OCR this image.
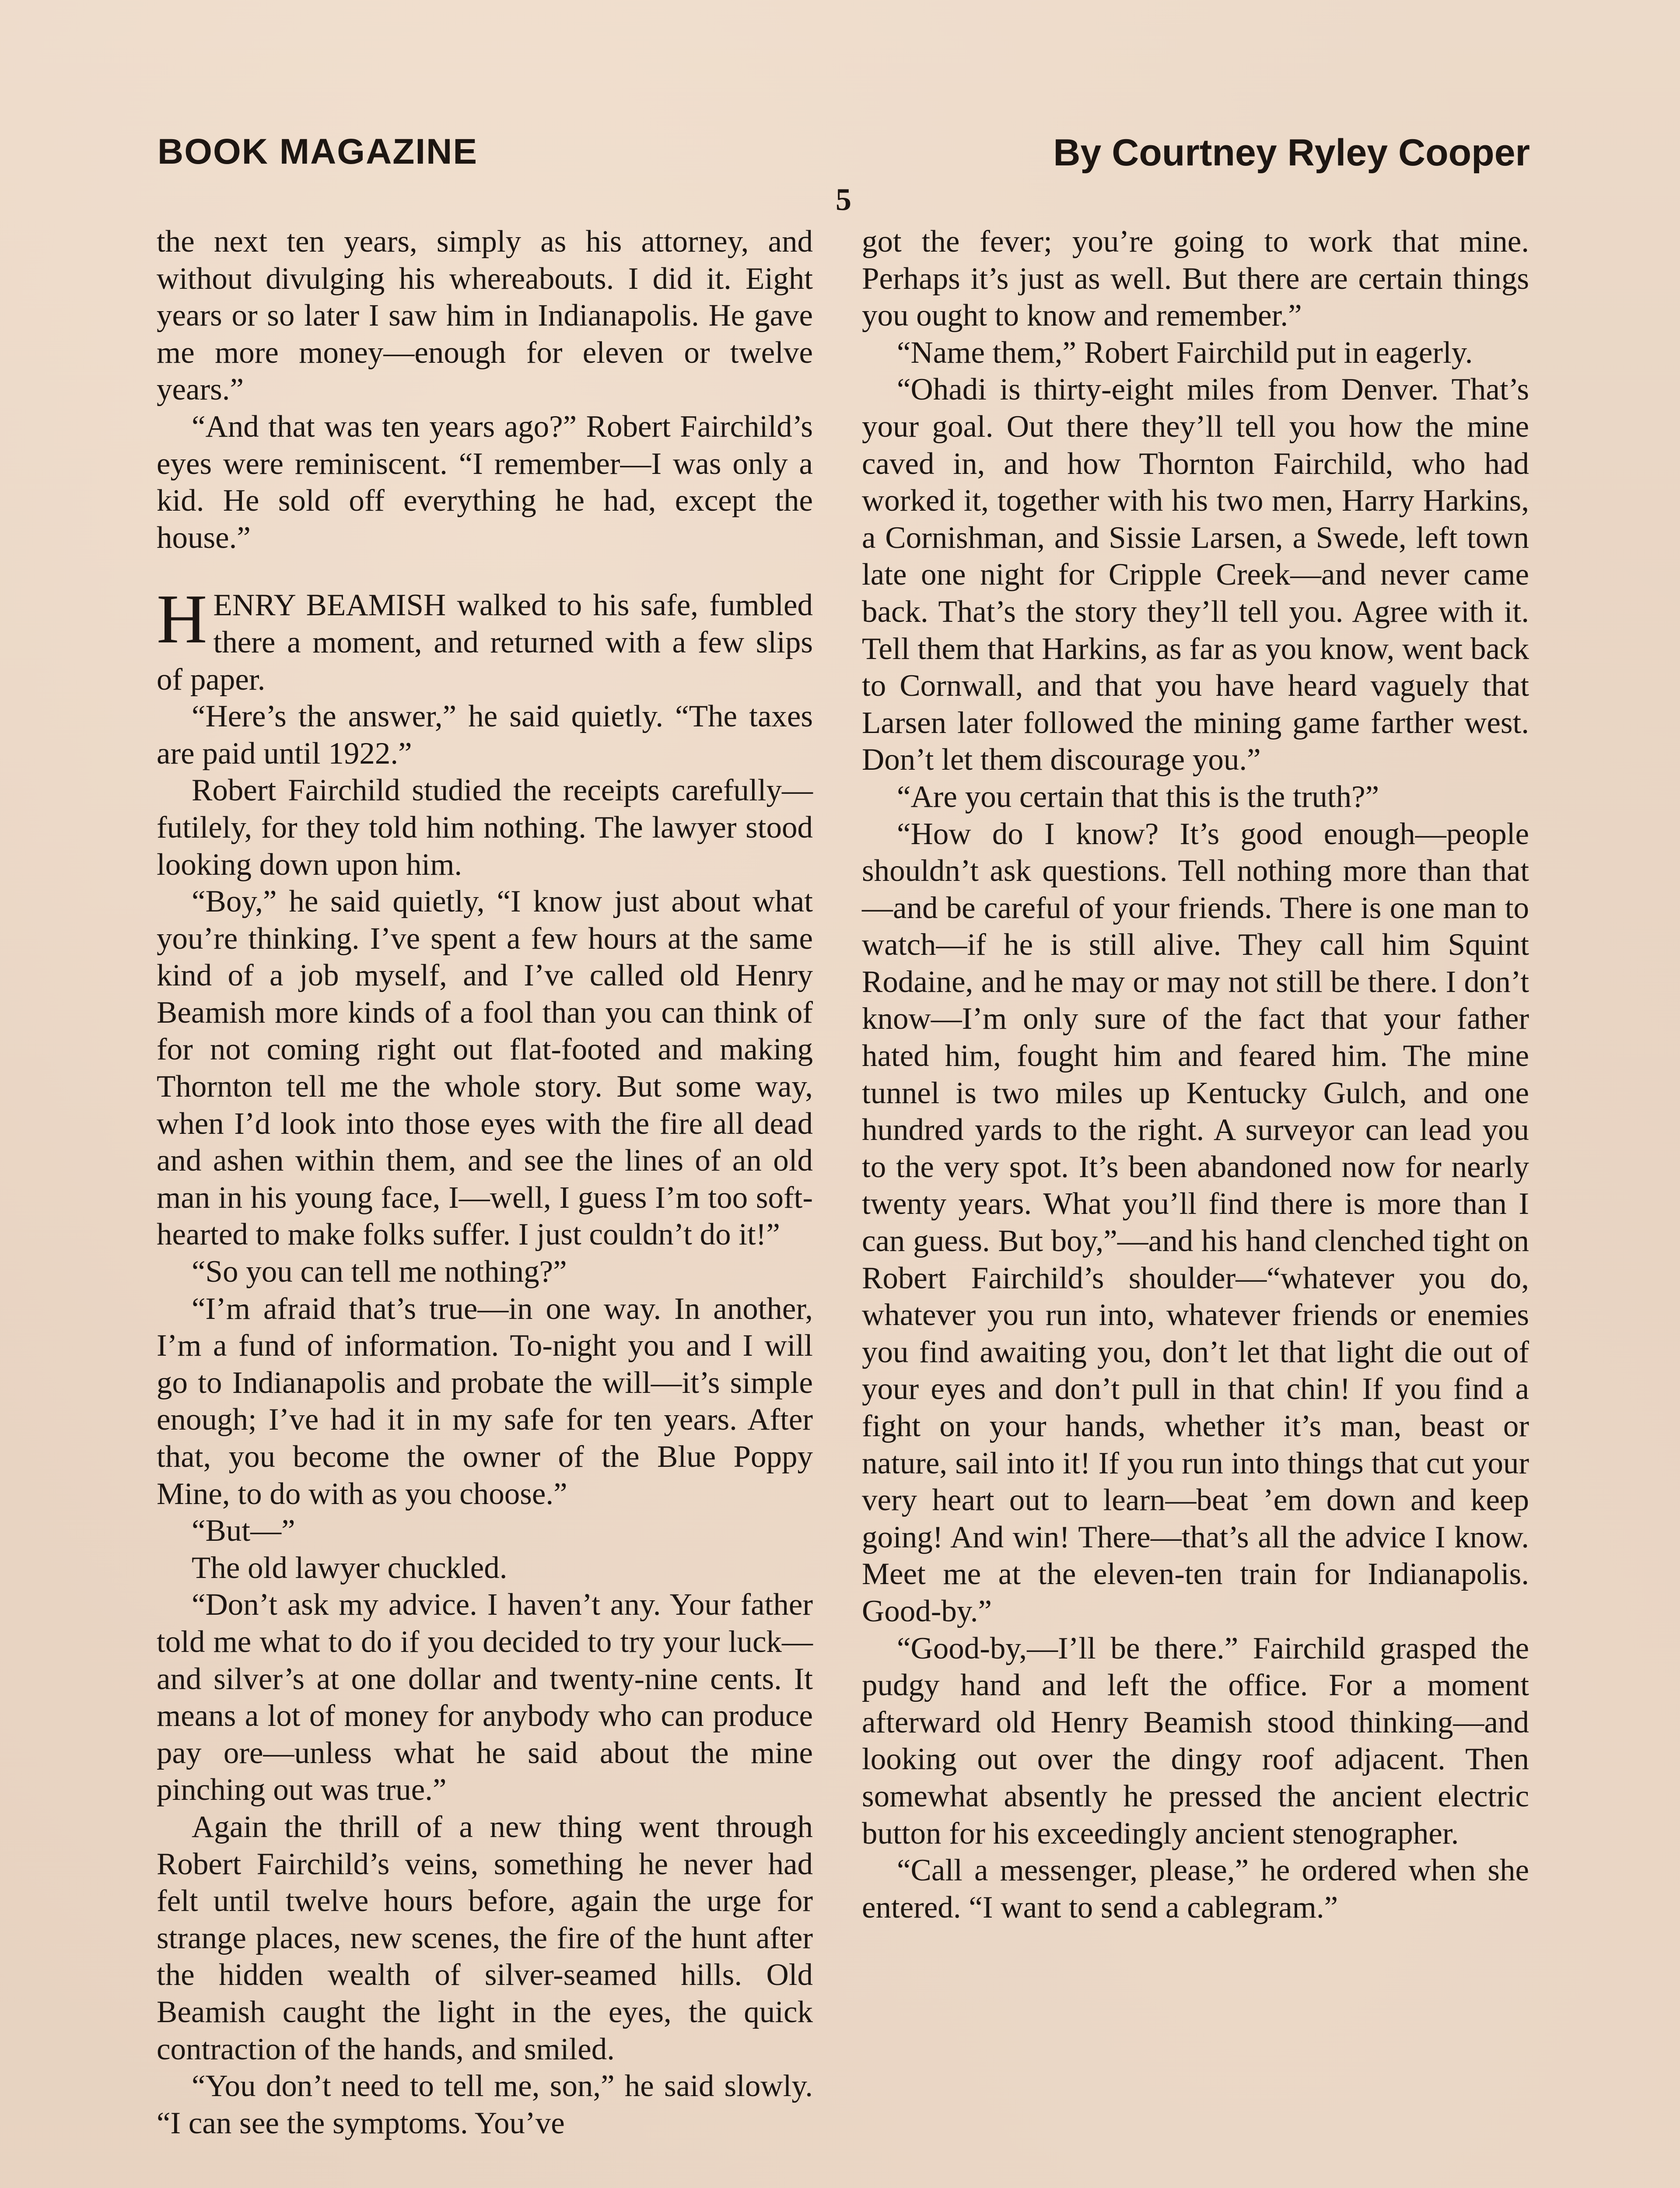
BOOK MAGAZINE	By Courtney Ryley Cooper
5

the next ten years, simply as his attorney, and without divulging his whereabouts. I did it. Eight years or so later I saw him in Indianapolis. He gave me more money—enough for eleven or twelve years.”

“And that was ten years ago?” Robert Fairchild’s eyes were reminiscent. “I remember—I was only a kid. He sold off everything he had, except the house.”

HENRY BEAMISH walked to his safe, fumbled there a moment, and returned with a few slips of paper.

“Here’s the answer,” he said quietly. “The taxes are paid until 1922.”

Robert Fairchild studied the receipts carefully—futilely, for they told him nothing. The lawyer stood looking down upon him.

“Boy,” he said quietly, “I know just about what you’re thinking. I’ve spent a few hours at the same kind of a job myself, and I’ve called old Henry Beamish more kinds of a fool than you can think of for not coming right out flat-footed and making Thornton tell me the whole story. But some way, when I’d look into those eyes with the fire all dead and ashen within them, and see the lines of an old man in his young face, I—well, I guess I’m too soft-hearted to make folks suffer. I just couldn’t do it!”

“So you can tell me nothing?”

“I’m afraid that’s true—in one way. In another, I’m a fund of information. To-night you and I will go to Indianapolis and probate the will—it’s simple enough; I’ve had it in my safe for ten years. After that, you become the owner of the Blue Poppy Mine, to do with as you choose.”

“But—”

The old lawyer chuckled.

“Don’t ask my advice. I haven’t any. Your father told me what to do if you decided to try your luck—and silver’s at one dollar and twenty-nine cents. It means a lot of money for anybody who can produce pay ore—unless what he said about the mine pinching out was true.”

Again the thrill of a new thing went through Robert Fairchild’s veins, something he never had felt until twelve hours before, again the urge for strange places, new scenes, the fire of the hunt after the hidden wealth of silver-seamed hills. Old Beamish caught the light in the eyes, the quick contraction of the hands, and smiled.

“You don’t need to tell me, son,” he said slowly. “I can see the symptoms. You’ve

got the fever; you’re going to work that mine. Perhaps it’s just as well. But there are certain things you ought to know and remember.”

“Name them,” Robert Fairchild put in eagerly.

“Ohadi is thirty-eight miles from Denver. That’s your goal. Out there they’ll tell you how the mine caved in, and how Thornton Fairchild, who had worked it, together with his two men, Harry Harkins, a Cornishman, and Sissie Larsen, a Swede, left town late one night for Cripple Creek—and never came back. That’s the story they’ll tell you. Agree with it. Tell them that Harkins, as far as you know, went back to Cornwall, and that you have heard vaguely that Larsen later followed the mining game farther west. Don’t let them discourage you.”

“Are you certain that this is the truth?”

“How do I know? It’s good enough—people shouldn’t ask questions. Tell nothing more than that—and be careful of your friends. There is one man to watch—if he is still alive. They call him Squint Rodaine, and he may or may not still be there. I don’t know—I’m only sure of the fact that your father hated him, fought him and feared him. The mine tunnel is two miles up Kentucky Gulch, and one hundred yards to the right. A surveyor can lead you to the very spot. It’s been abandoned now for nearly twenty years. What you’ll find there is more than I can guess. But boy,”—and his hand clenched tight on Robert Fairchild’s shoulder—“whatever you do, whatever you run into, whatever friends or enemies you find awaiting you, don’t let that light die out of your eyes and don’t pull in that chin! If you find a fight on your hands, whether it’s man, beast or nature, sail into it! If you run into things that cut your very heart out to learn—beat ’em down and keep going! And win! There—that’s all the advice I know. Meet me at the eleven-ten train for Indianapolis. Good-by.”

“Good-by,—I’ll be there.” Fairchild grasped the pudgy hand and left the office. For a moment afterward old Henry Beamish stood thinking—and looking out over the dingy roof adjacent. Then somewhat absently he pressed the ancient electric button for his exceedingly ancient stenographer.

“Call a messenger, please,” he ordered when she entered. “I want to send a cablegram.”
